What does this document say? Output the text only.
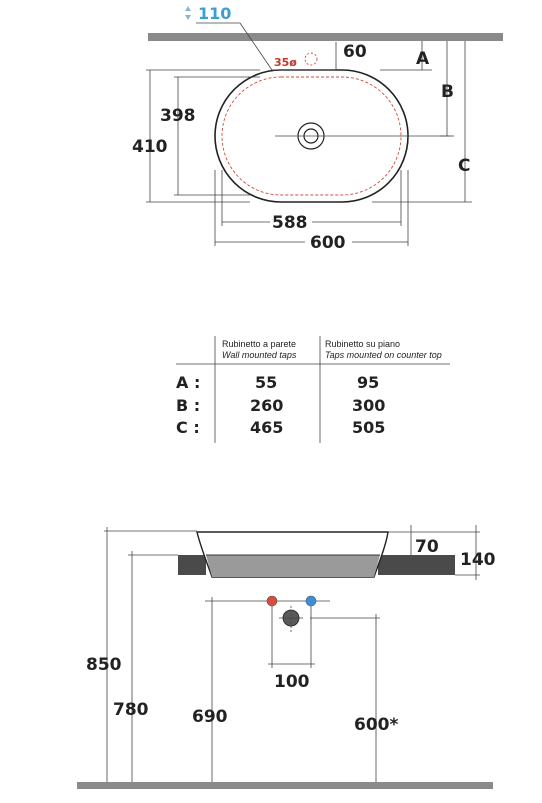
110
35ø
60	A
B
C
398
410
588
600
Rubinetto a parete
Wall mounted taps
Rubinetto su piano
Taps mounted on counter top
A :	55	95
B :	260	300
C :	465	505
70
140
850
780
100
690	600*
